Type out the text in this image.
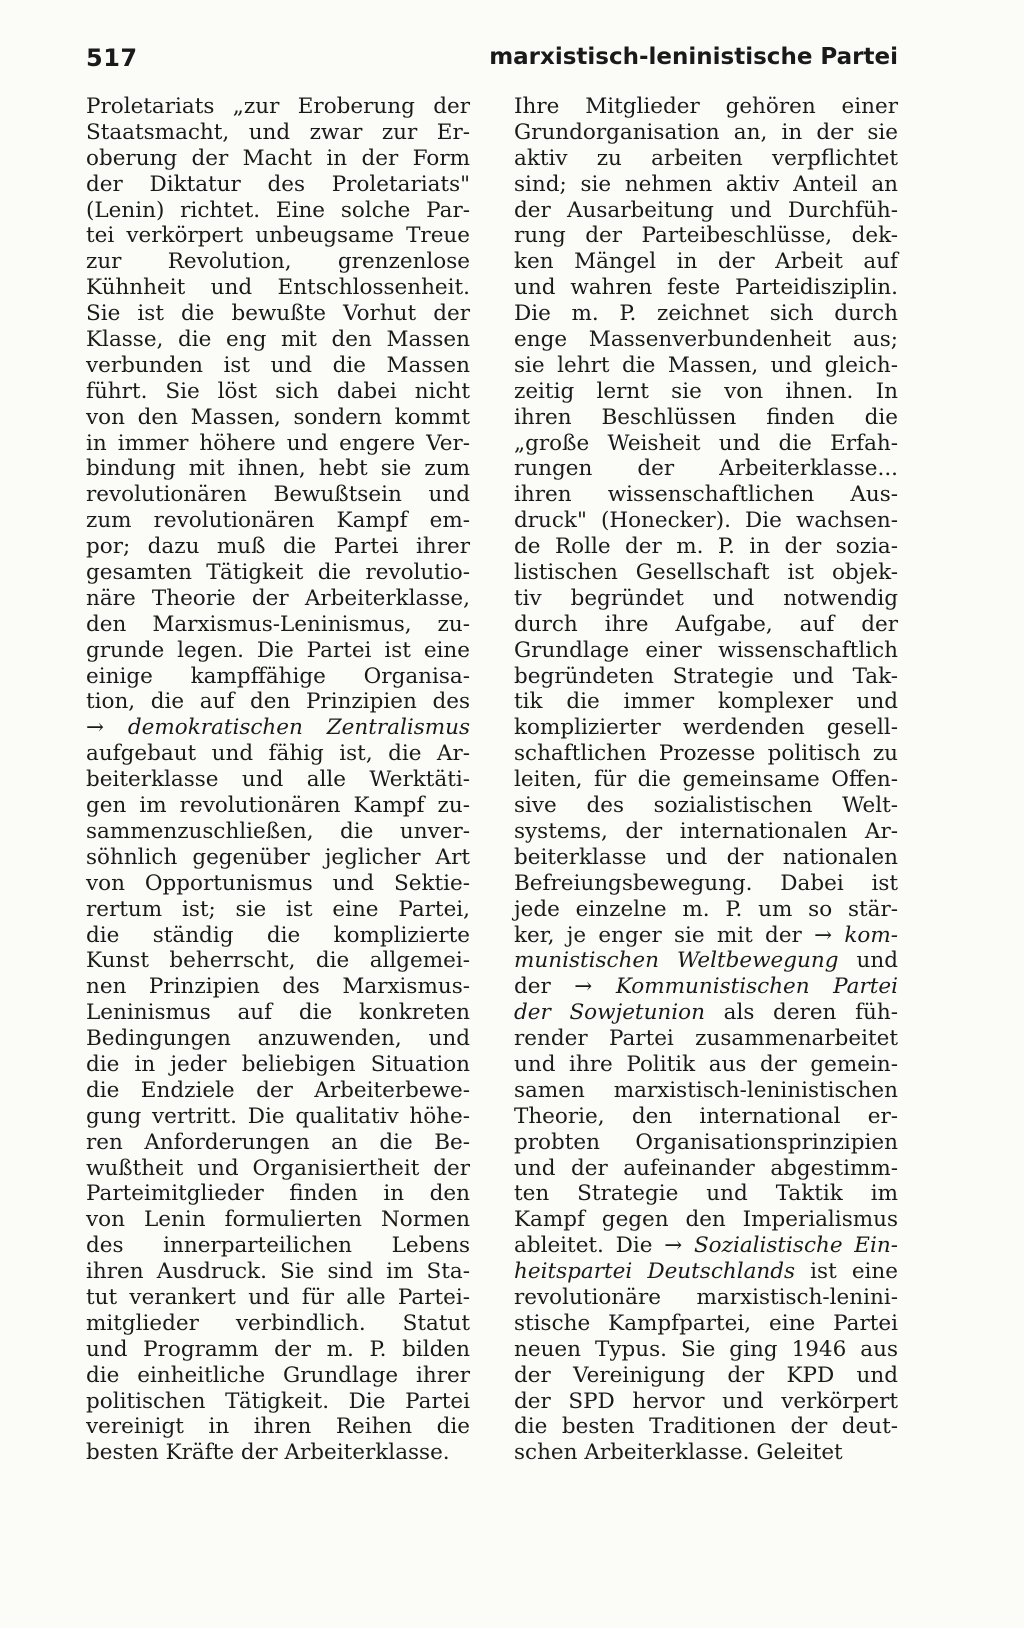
517	marxistisch-leninistische Partei
Proletariats „zur Eroberung der
Staatsmacht, und zwar zur Er-
oberung der Macht in der Form
der Diktatur des Proletariats"
(Lenin) richtet. Eine solche Par-
tei verkörpert unbeugsame Treue
zur Revolution, grenzenlose
Kühnheit und Entschlossenheit.
Sie ist die bewußte Vorhut der
Klasse, die eng mit den Massen
verbunden ist und die Massen
führt. Sie löst sich dabei nicht
von den Massen, sondern kommt
in immer höhere und engere Ver-
bindung mit ihnen, hebt sie zum
revolutionären Bewußtsein und
zum revolutionären Kampf em-
por; dazu muß die Partei ihrer
gesamten Tätigkeit die revolutio-
näre Theorie der Arbeiterklasse,
den Marxismus-Leninismus, zu-
grunde legen. Die Partei ist eine
einige kampffähige Organisa-
tion, die auf den Prinzipien des
→ demokratischen Zentralismus
aufgebaut und fähig ist, die Ar-
beiterklasse und alle Werktäti-
gen im revolutionären Kampf zu-
sammenzuschließen, die unver-
söhnlich gegenüber jeglicher Art
von Opportunismus und Sektie-
rertum ist; sie ist eine Partei,
die ständig die komplizierte
Kunst beherrscht, die allgemei-
nen Prinzipien des Marxismus-
Leninismus auf die konkreten
Bedingungen anzuwenden, und
die in jeder beliebigen Situation
die Endziele der Arbeiterbewe-
gung vertritt. Die qualitativ höhe-
ren Anforderungen an die Be-
wußtheit und Organisiertheit der
Parteimitglieder finden in den
von Lenin formulierten Normen
des innerparteilichen Lebens
ihren Ausdruck. Sie sind im Sta-
tut verankert und für alle Partei-
mitglieder verbindlich. Statut
und Programm der m. P. bilden
die einheitliche Grundlage ihrer
politischen Tätigkeit. Die Partei
vereinigt in ihren Reihen die
besten Kräfte der Arbeiterklasse.
Ihre Mitglieder gehören einer
Grundorganisation an, in der sie
aktiv zu arbeiten verpflichtet
sind; sie nehmen aktiv Anteil an
der Ausarbeitung und Durchfüh-
rung der Parteibeschlüsse, dek-
ken Mängel in der Arbeit auf
und wahren feste Parteidisziplin.
Die m. P. zeichnet sich durch
enge Massenverbundenheit aus;
sie lehrt die Massen, und gleich-
zeitig lernt sie von ihnen. In
ihren Beschlüssen finden die
„große Weisheit und die Erfah-
rungen der Arbeiterklasse...
ihren wissenschaftlichen Aus-
druck" (Honecker). Die wachsen-
de Rolle der m. P. in der sozia-
listischen Gesellschaft ist objek-
tiv begründet und notwendig
durch ihre Aufgabe, auf der
Grundlage einer wissenschaftlich
begründeten Strategie und Tak-
tik die immer komplexer und
komplizierter werdenden gesell-
schaftlichen Prozesse politisch zu
leiten, für die gemeinsame Offen-
sive des sozialistischen Welt-
systems, der internationalen Ar-
beiterklasse und der nationalen
Befreiungsbewegung. Dabei ist
jede einzelne m. P. um so stär-
ker, je enger sie mit der → kom-
munistischen Weltbewegung und
der → Kommunistischen Partei
der Sowjetunion als deren füh-
render Partei zusammenarbeitet
und ihre Politik aus der gemein-
samen marxistisch-leninistischen
Theorie, den international er-
probten Organisationsprinzipien
und der aufeinander abgestimm-
ten Strategie und Taktik im
Kampf gegen den Imperialismus
ableitet. Die → Sozialistische Ein-
heitspartei Deutschlands ist eine
revolutionäre marxistisch-lenini-
stische Kampfpartei, eine Partei
neuen Typus. Sie ging 1946 aus
der Vereinigung der KPD und
der SPD hervor und verkörpert
die besten Traditionen der deut-
schen Arbeiterklasse. Geleitet
